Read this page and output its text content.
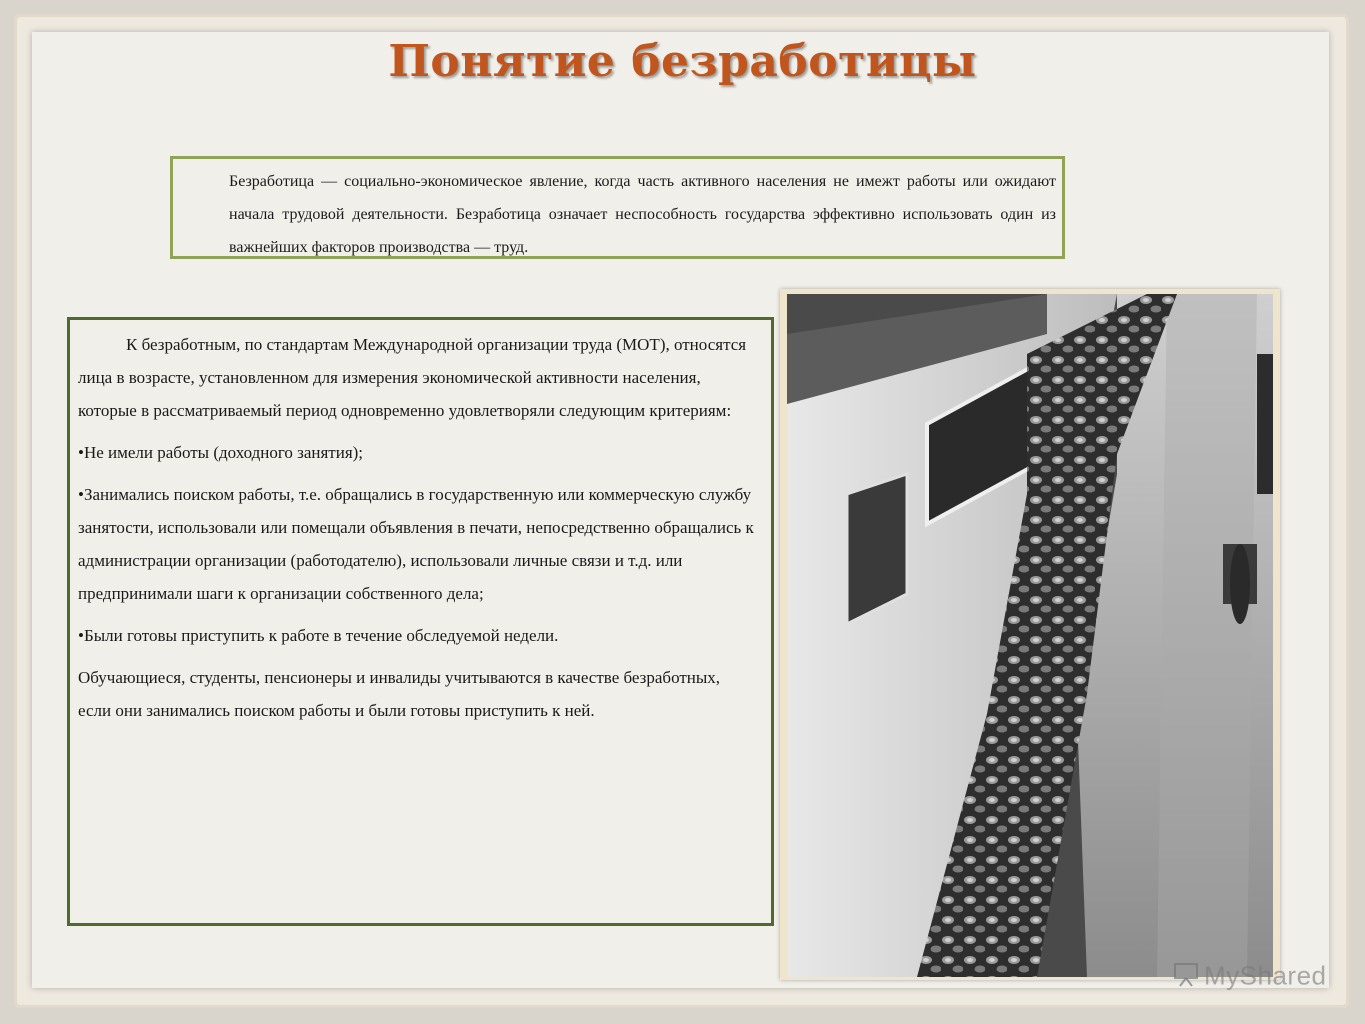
Понятие безработицы
Безработица — социально-экономическое явление, когда часть активного населения не имежт работы или ожидают начала трудовой деятельности. Безработица означает неспособность государства эффективно использовать один из важнейших факторов производства — труд.

К безработным, по стандартам Международной организации труда (МОТ), относятся лица в возрасте, установленном для измерения экономической активности населения, которые в рассматриваемый период одновременно удовлетворяли следующим критериям:

•Не имели работы (доходного занятия);

•Занимались поиском работы, т.е. обращались в государственную или коммерческую службу занятости, использовали или помещали объявления в печати, непосредственно обращались к администрации организации (работодателю), использовали личные связи и т.д. или предпринимали шаги к организации собственного дела;

•Были готовы приступить к работе в течение обследуемой недели.

Обучающиеся, студенты, пенсионеры и инвалиды учитываются в качестве безработных, если они занимались поиском работы и были готовы приступить к ней.

MyShared
